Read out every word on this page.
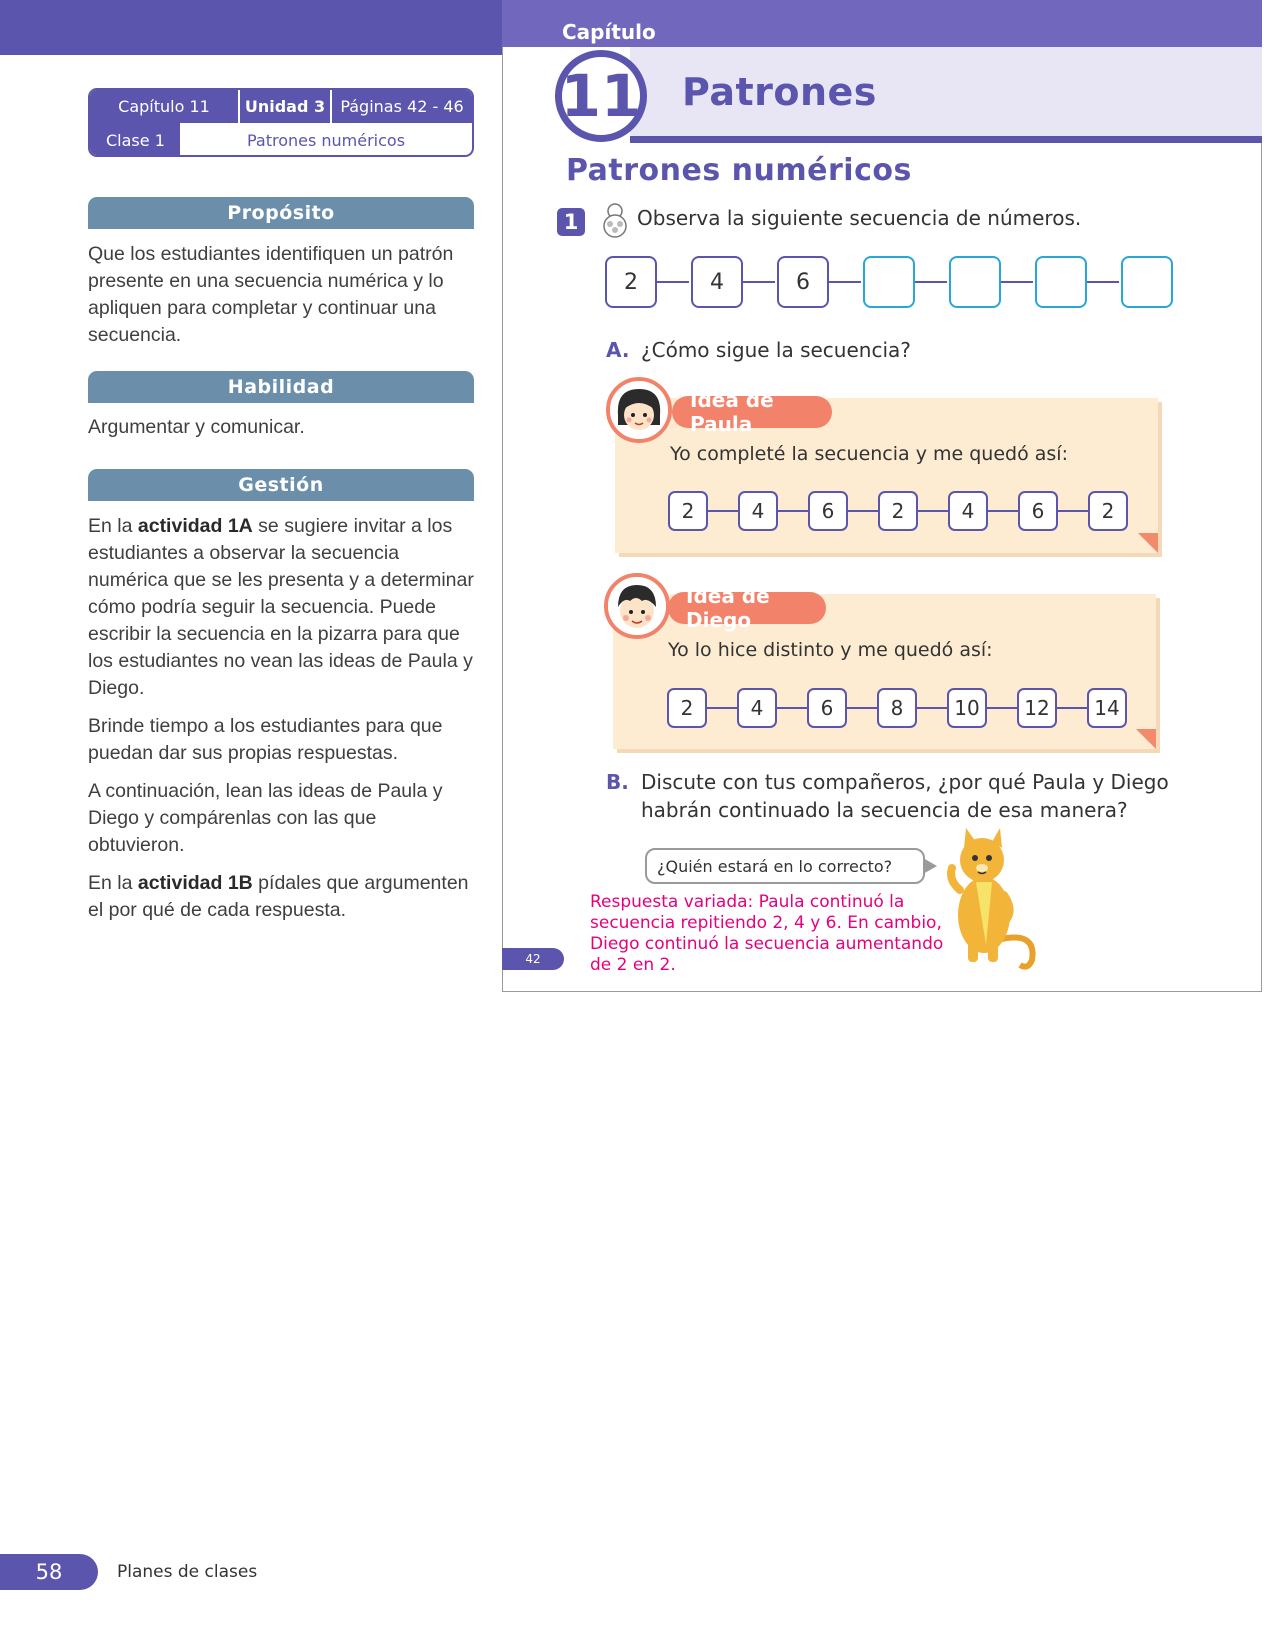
Capítulo 11	Unidad 3 Páginas 42 - 46
Clase 1	Patrones numéricos
Propósito

Que los estudiantes identifiquen un patrón presente en una secuencia numérica y lo apliquen para completar y continuar una secuencia.

Habilidad

Argumentar y comunicar.

Gestión

En la actividad 1A se sugiere invitar a los estudiantes a observar la secuencia numérica que se les presenta y a determinar cómo podría seguir la secuencia. Puede escribir la secuencia en la pizarra para que los estudiantes no vean las ideas de Paula y Diego.

Brinde tiempo a los estudiantes para que puedan dar sus propias respuestas.

A continuación, lean las ideas de Paula y Diego y compárenlas con las que obtuvieron.

En la actividad 1B pídales que argumenten el por qué de cada respuesta.

58	Planes de clases
Capítulo
11 Patrones
Patrones numéricos
1	Observa la siguiente secuencia de números.
2	4	6
A. ¿Cómo sigue la secuencia?
Idea de Paula
Yo completé la secuencia y me quedó así:
2	4	6	2	4	6	2
Idea de Diego
Yo lo hice distinto y me quedó así:
2	4	6	8	10	12	14
B. Discute con tus compañeros, ¿por qué Paula y Diego
habrán continuado la secuencia de esa manera?
¿Quién estará en lo correcto?
Respuesta variada: Paula continuó la secuencia repitiendo 2, 4 y 6. En cambio, Diego continuó la secuencia aumentando de 2 en 2.
42
